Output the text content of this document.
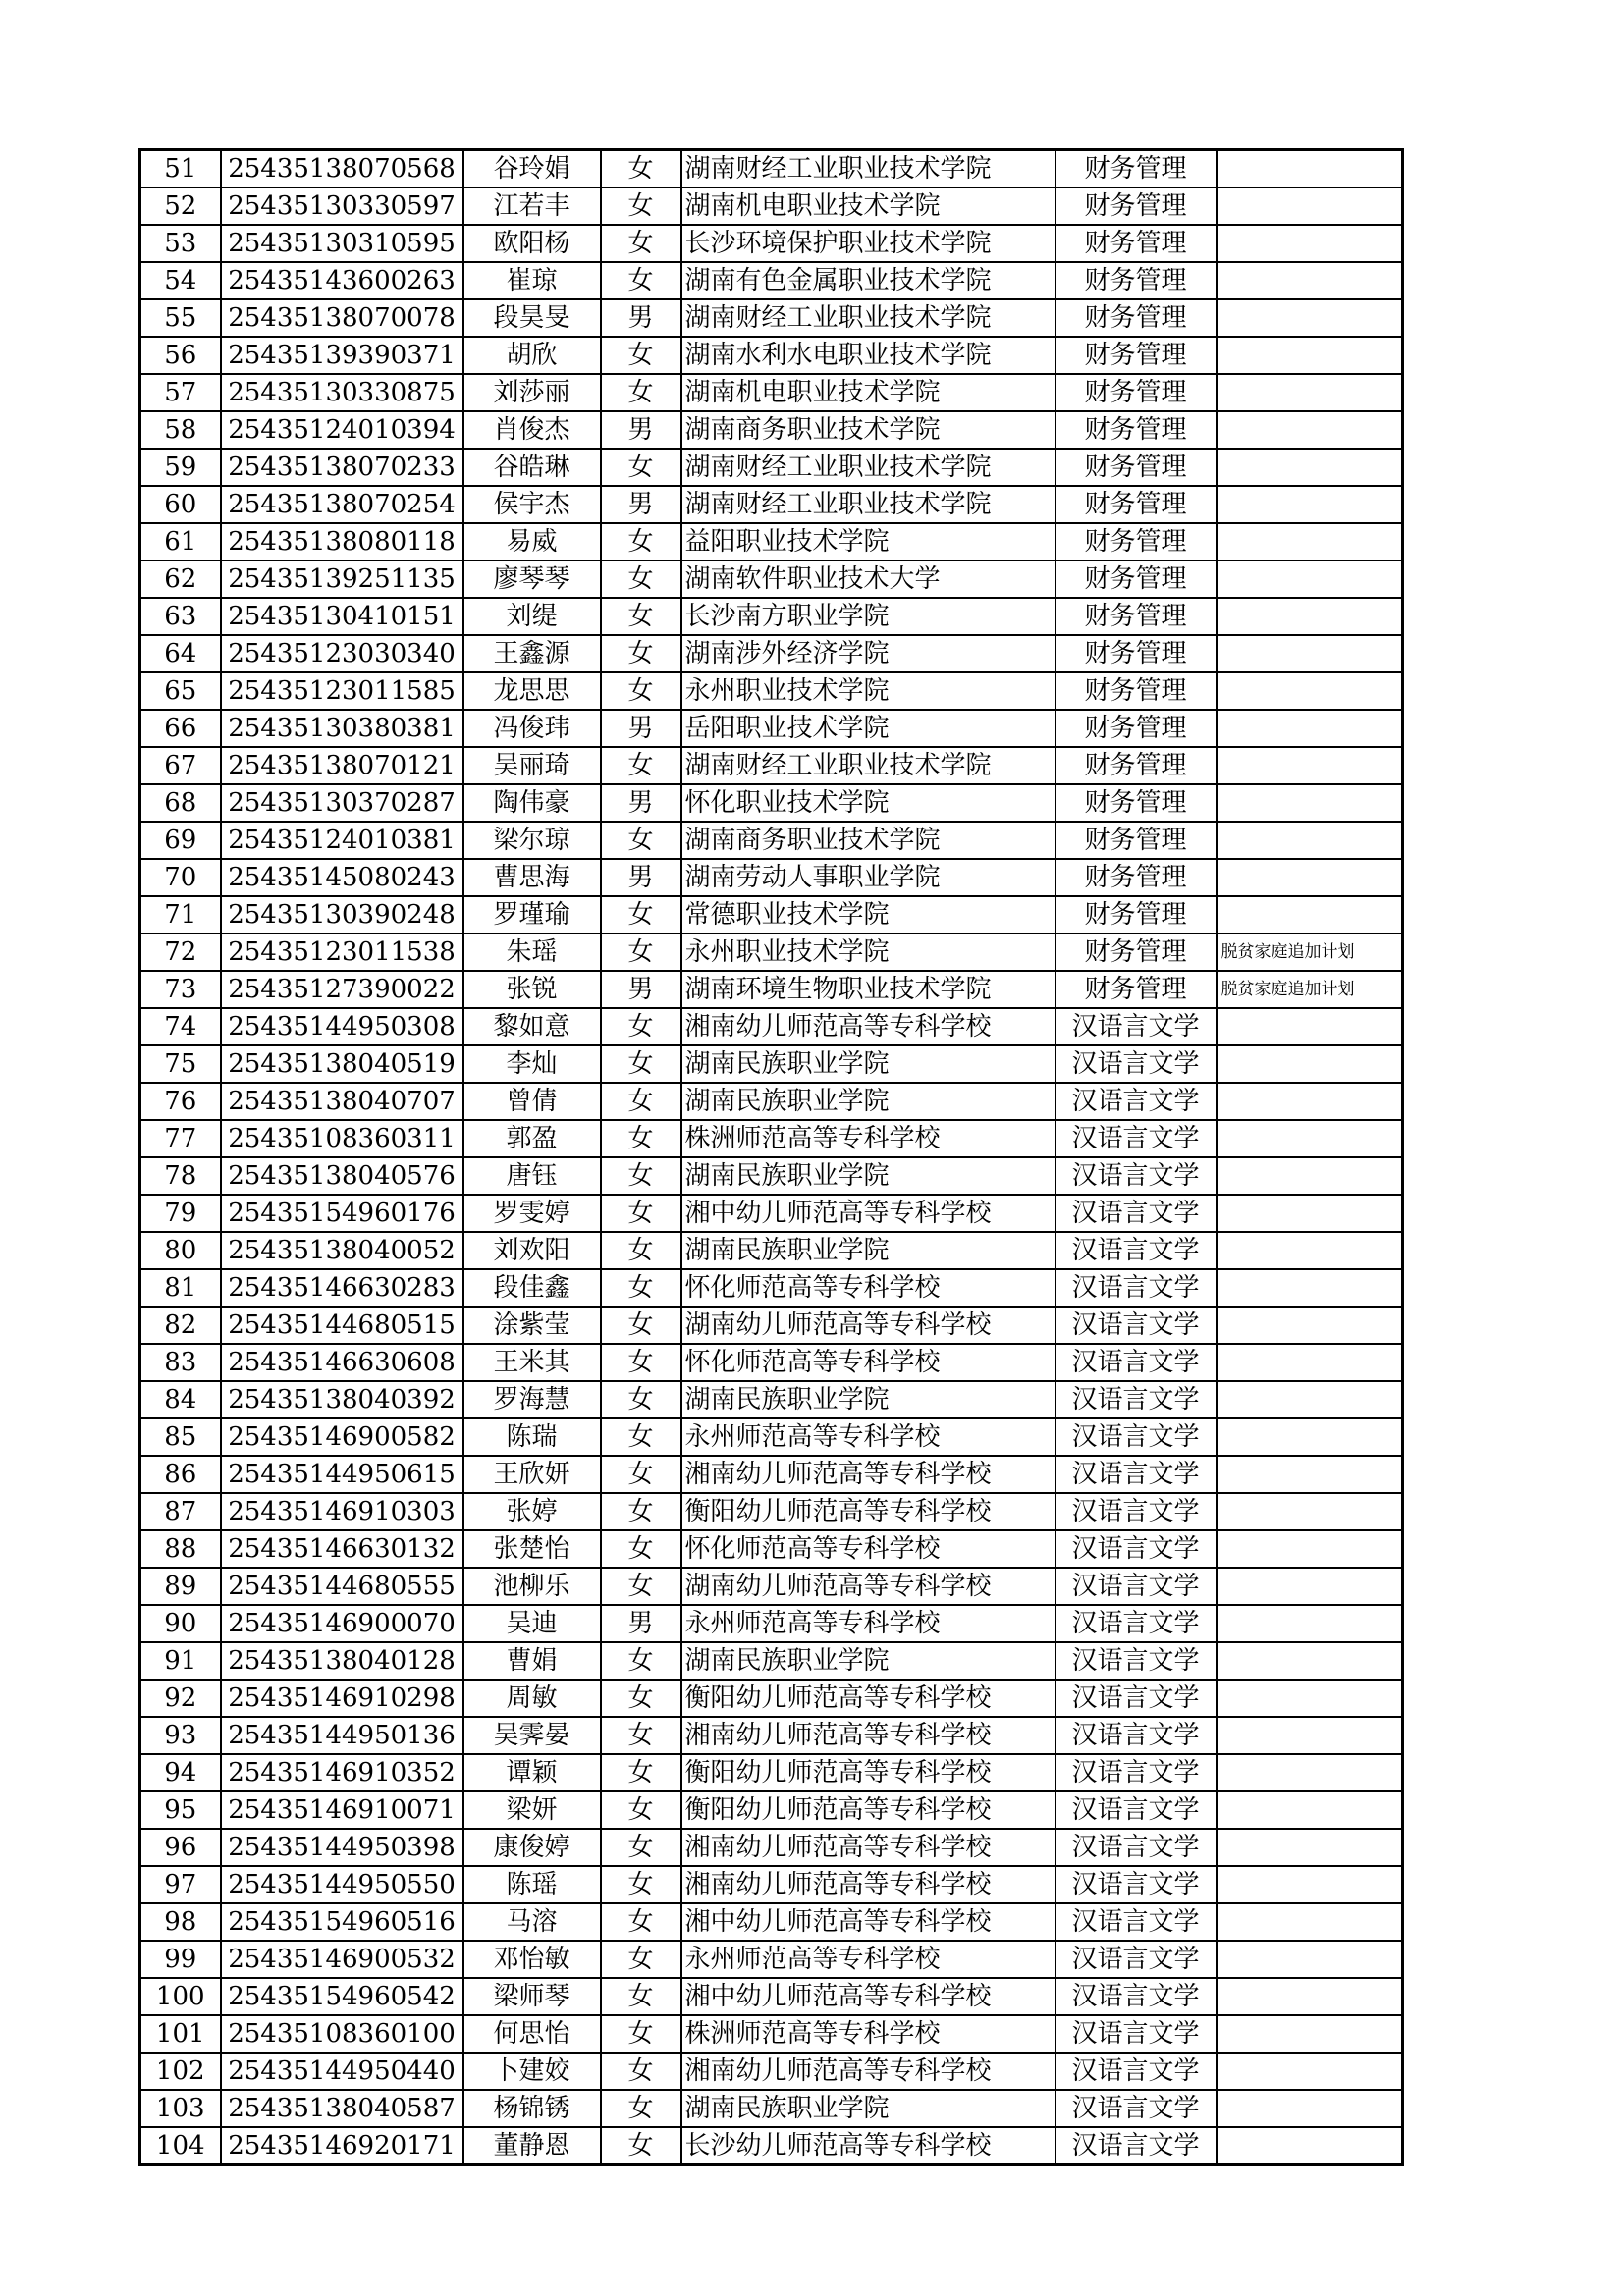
51	25435138070568	谷玲娟	女	湖南财经工业职业技术学院	财务管理	
52	25435130330597	江若丰	女	湖南机电职业技术学院	财务管理	
53	25435130310595	欧阳杨	女	长沙环境保护职业技术学院	财务管理	
54	25435143600263	崔琼	女	湖南有色金属职业技术学院	财务管理	
55	25435138070078	段昊旻	男	湖南财经工业职业技术学院	财务管理	
56	25435139390371	胡欣	女	湖南水利水电职业技术学院	财务管理	
57	25435130330875	刘莎丽	女	湖南机电职业技术学院	财务管理	
58	25435124010394	肖俊杰	男	湖南商务职业技术学院	财务管理	
59	25435138070233	谷皓琳	女	湖南财经工业职业技术学院	财务管理	
60	25435138070254	侯宇杰	男	湖南财经工业职业技术学院	财务管理	
61	25435138080118	易威	女	益阳职业技术学院	财务管理	
62	25435139251135	廖琴琴	女	湖南软件职业技术大学	财务管理	
63	25435130410151	刘缇	女	长沙南方职业学院	财务管理	
64	25435123030340	王鑫源	女	湖南涉外经济学院	财务管理	
65	25435123011585	龙思思	女	永州职业技术学院	财务管理	
66	25435130380381	冯俊玮	男	岳阳职业技术学院	财务管理	
67	25435138070121	吴丽琦	女	湖南财经工业职业技术学院	财务管理	
68	25435130370287	陶伟豪	男	怀化职业技术学院	财务管理	
69	25435124010381	梁尔琼	女	湖南商务职业技术学院	财务管理	
70	25435145080243	曹思海	男	湖南劳动人事职业学院	财务管理	
71	25435130390248	罗瑾瑜	女	常德职业技术学院	财务管理	
72	25435123011538	朱瑶	女	永州职业技术学院	财务管理	脱贫家庭追加计划
73	25435127390022	张锐	男	湖南环境生物职业技术学院	财务管理	脱贫家庭追加计划
74	25435144950308	黎如意	女	湘南幼儿师范高等专科学校	汉语言文学	
75	25435138040519	李灿	女	湖南民族职业学院	汉语言文学	
76	25435138040707	曾倩	女	湖南民族职业学院	汉语言文学	
77	25435108360311	郭盈	女	株洲师范高等专科学校	汉语言文学	
78	25435138040576	唐钰	女	湖南民族职业学院	汉语言文学	
79	25435154960176	罗雯婷	女	湘中幼儿师范高等专科学校	汉语言文学	
80	25435138040052	刘欢阳	女	湖南民族职业学院	汉语言文学	
81	25435146630283	段佳鑫	女	怀化师范高等专科学校	汉语言文学	
82	25435144680515	涂紫莹	女	湖南幼儿师范高等专科学校	汉语言文学	
83	25435146630608	王米其	女	怀化师范高等专科学校	汉语言文学	
84	25435138040392	罗海慧	女	湖南民族职业学院	汉语言文学	
85	25435146900582	陈瑞	女	永州师范高等专科学校	汉语言文学	
86	25435144950615	王欣妍	女	湘南幼儿师范高等专科学校	汉语言文学	
87	25435146910303	张婷	女	衡阳幼儿师范高等专科学校	汉语言文学	
88	25435146630132	张楚怡	女	怀化师范高等专科学校	汉语言文学	
89	25435144680555	池柳乐	女	湖南幼儿师范高等专科学校	汉语言文学	
90	25435146900070	吴迪	男	永州师范高等专科学校	汉语言文学	
91	25435138040128	曹娟	女	湖南民族职业学院	汉语言文学	
92	25435146910298	周敏	女	衡阳幼儿师范高等专科学校	汉语言文学	
93	25435144950136	吴霁晏	女	湘南幼儿师范高等专科学校	汉语言文学	
94	25435146910352	谭颖	女	衡阳幼儿师范高等专科学校	汉语言文学	
95	25435146910071	梁妍	女	衡阳幼儿师范高等专科学校	汉语言文学	
96	25435144950398	康俊婷	女	湘南幼儿师范高等专科学校	汉语言文学	
97	25435144950550	陈瑶	女	湘南幼儿师范高等专科学校	汉语言文学	
98	25435154960516	马溶	女	湘中幼儿师范高等专科学校	汉语言文学	
99	25435146900532	邓怡敏	女	永州师范高等专科学校	汉语言文学	
100	25435154960542	梁师琴	女	湘中幼儿师范高等专科学校	汉语言文学	
101	25435108360100	何思怡	女	株洲师范高等专科学校	汉语言文学	
102	25435144950440	卜建姣	女	湘南幼儿师范高等专科学校	汉语言文学	
103	25435138040587	杨锦锈	女	湖南民族职业学院	汉语言文学	
104	25435146920171	董静恩	女	长沙幼儿师范高等专科学校	汉语言文学	
